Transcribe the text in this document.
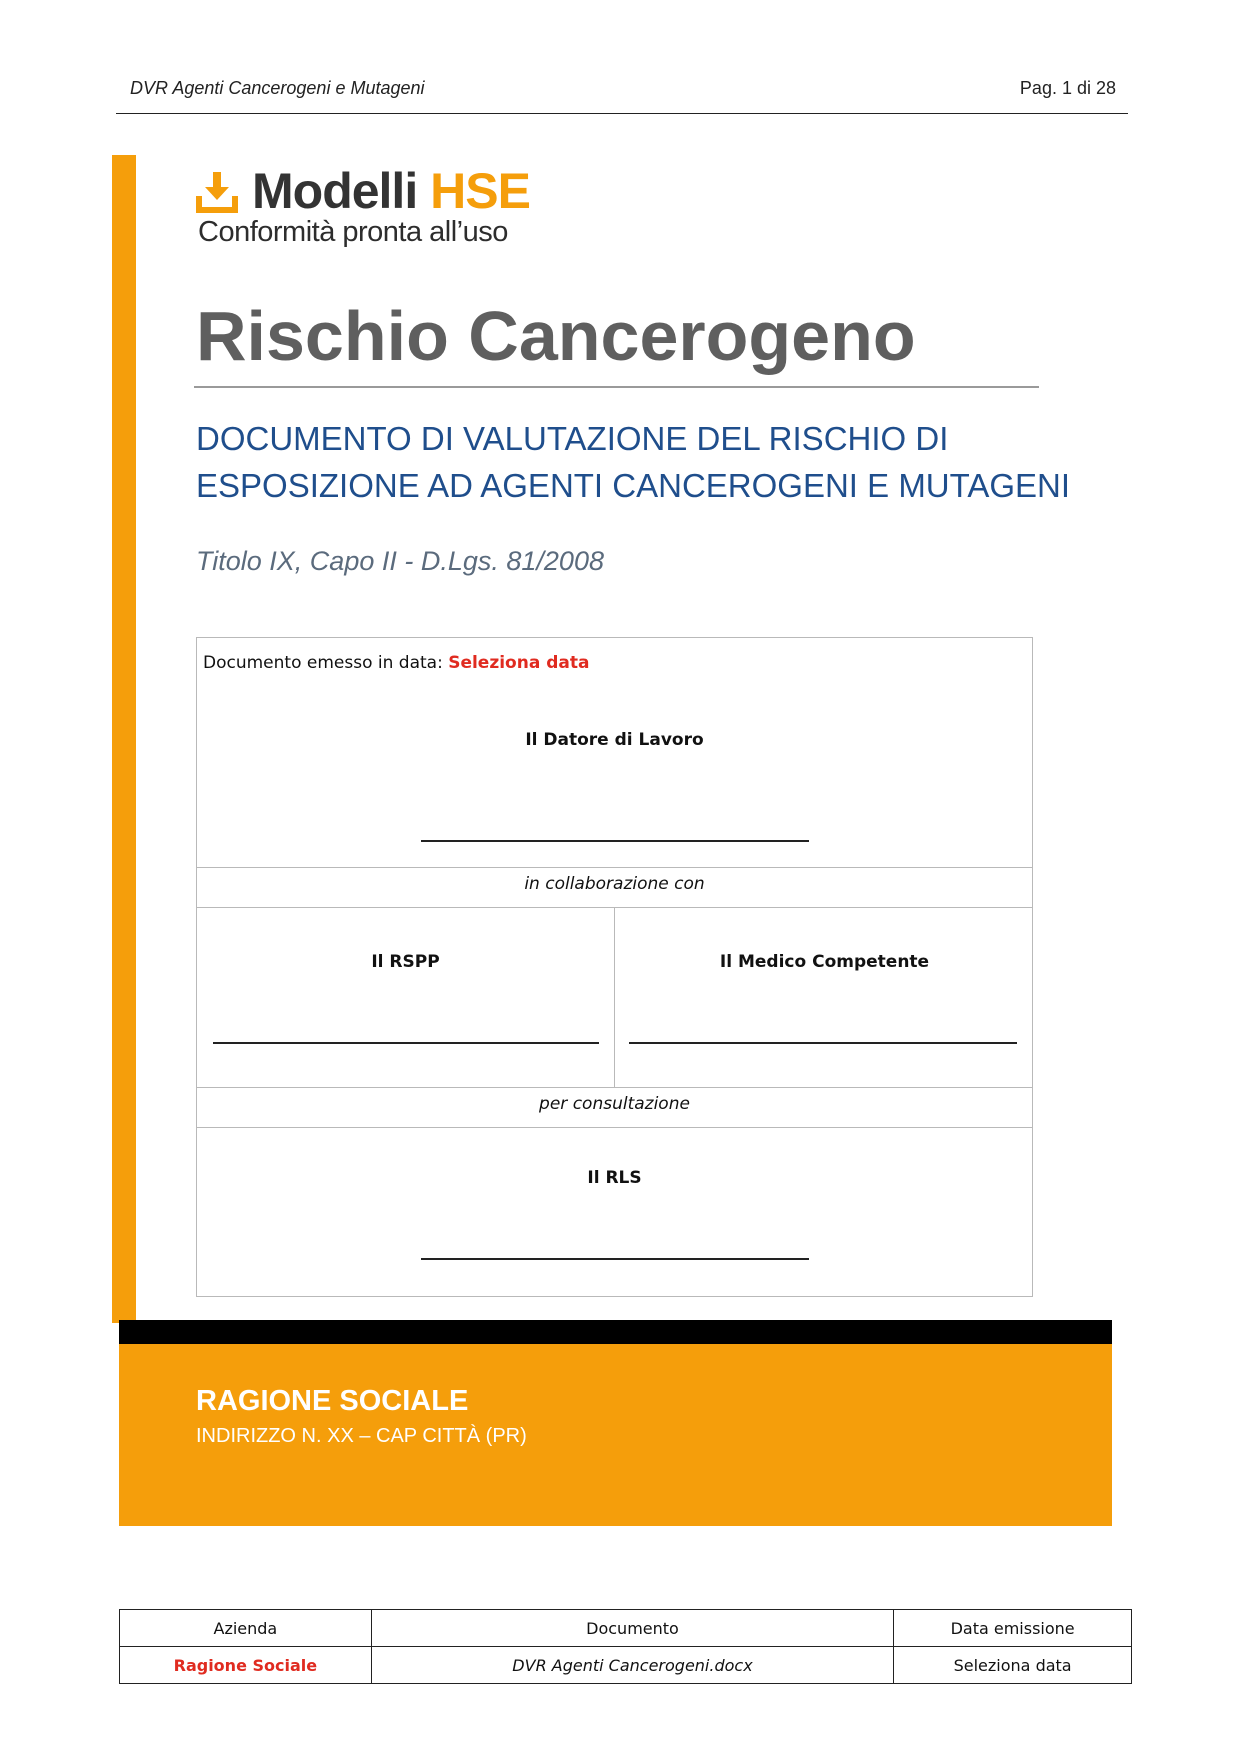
DVR Agenti Cancerogeni e Mutageni	Pag. 1 di 28
Modelli HSE
Conformità pronta all’uso
Rischio Cancerogeno
DOCUMENTO DI VALUTAZIONE DEL RISCHIO DI
ESPOSIZIONE AD AGENTI CANCEROGENI E MUTAGENI
Titolo IX, Capo II - D.Lgs. 81/2008
Documento emesso in data: Seleziona data
Il Datore di Lavoro
in collaborazione con
Il RSPP	Il Medico Competente
per consultazione
Il RLS
RAGIONE SOCIALE
INDIRIZZO N. XX – CAP CITTÀ (PR)
Azienda	Documento	Data emissione
Ragione Sociale	DVR Agenti Cancerogeni.docx	Seleziona data
